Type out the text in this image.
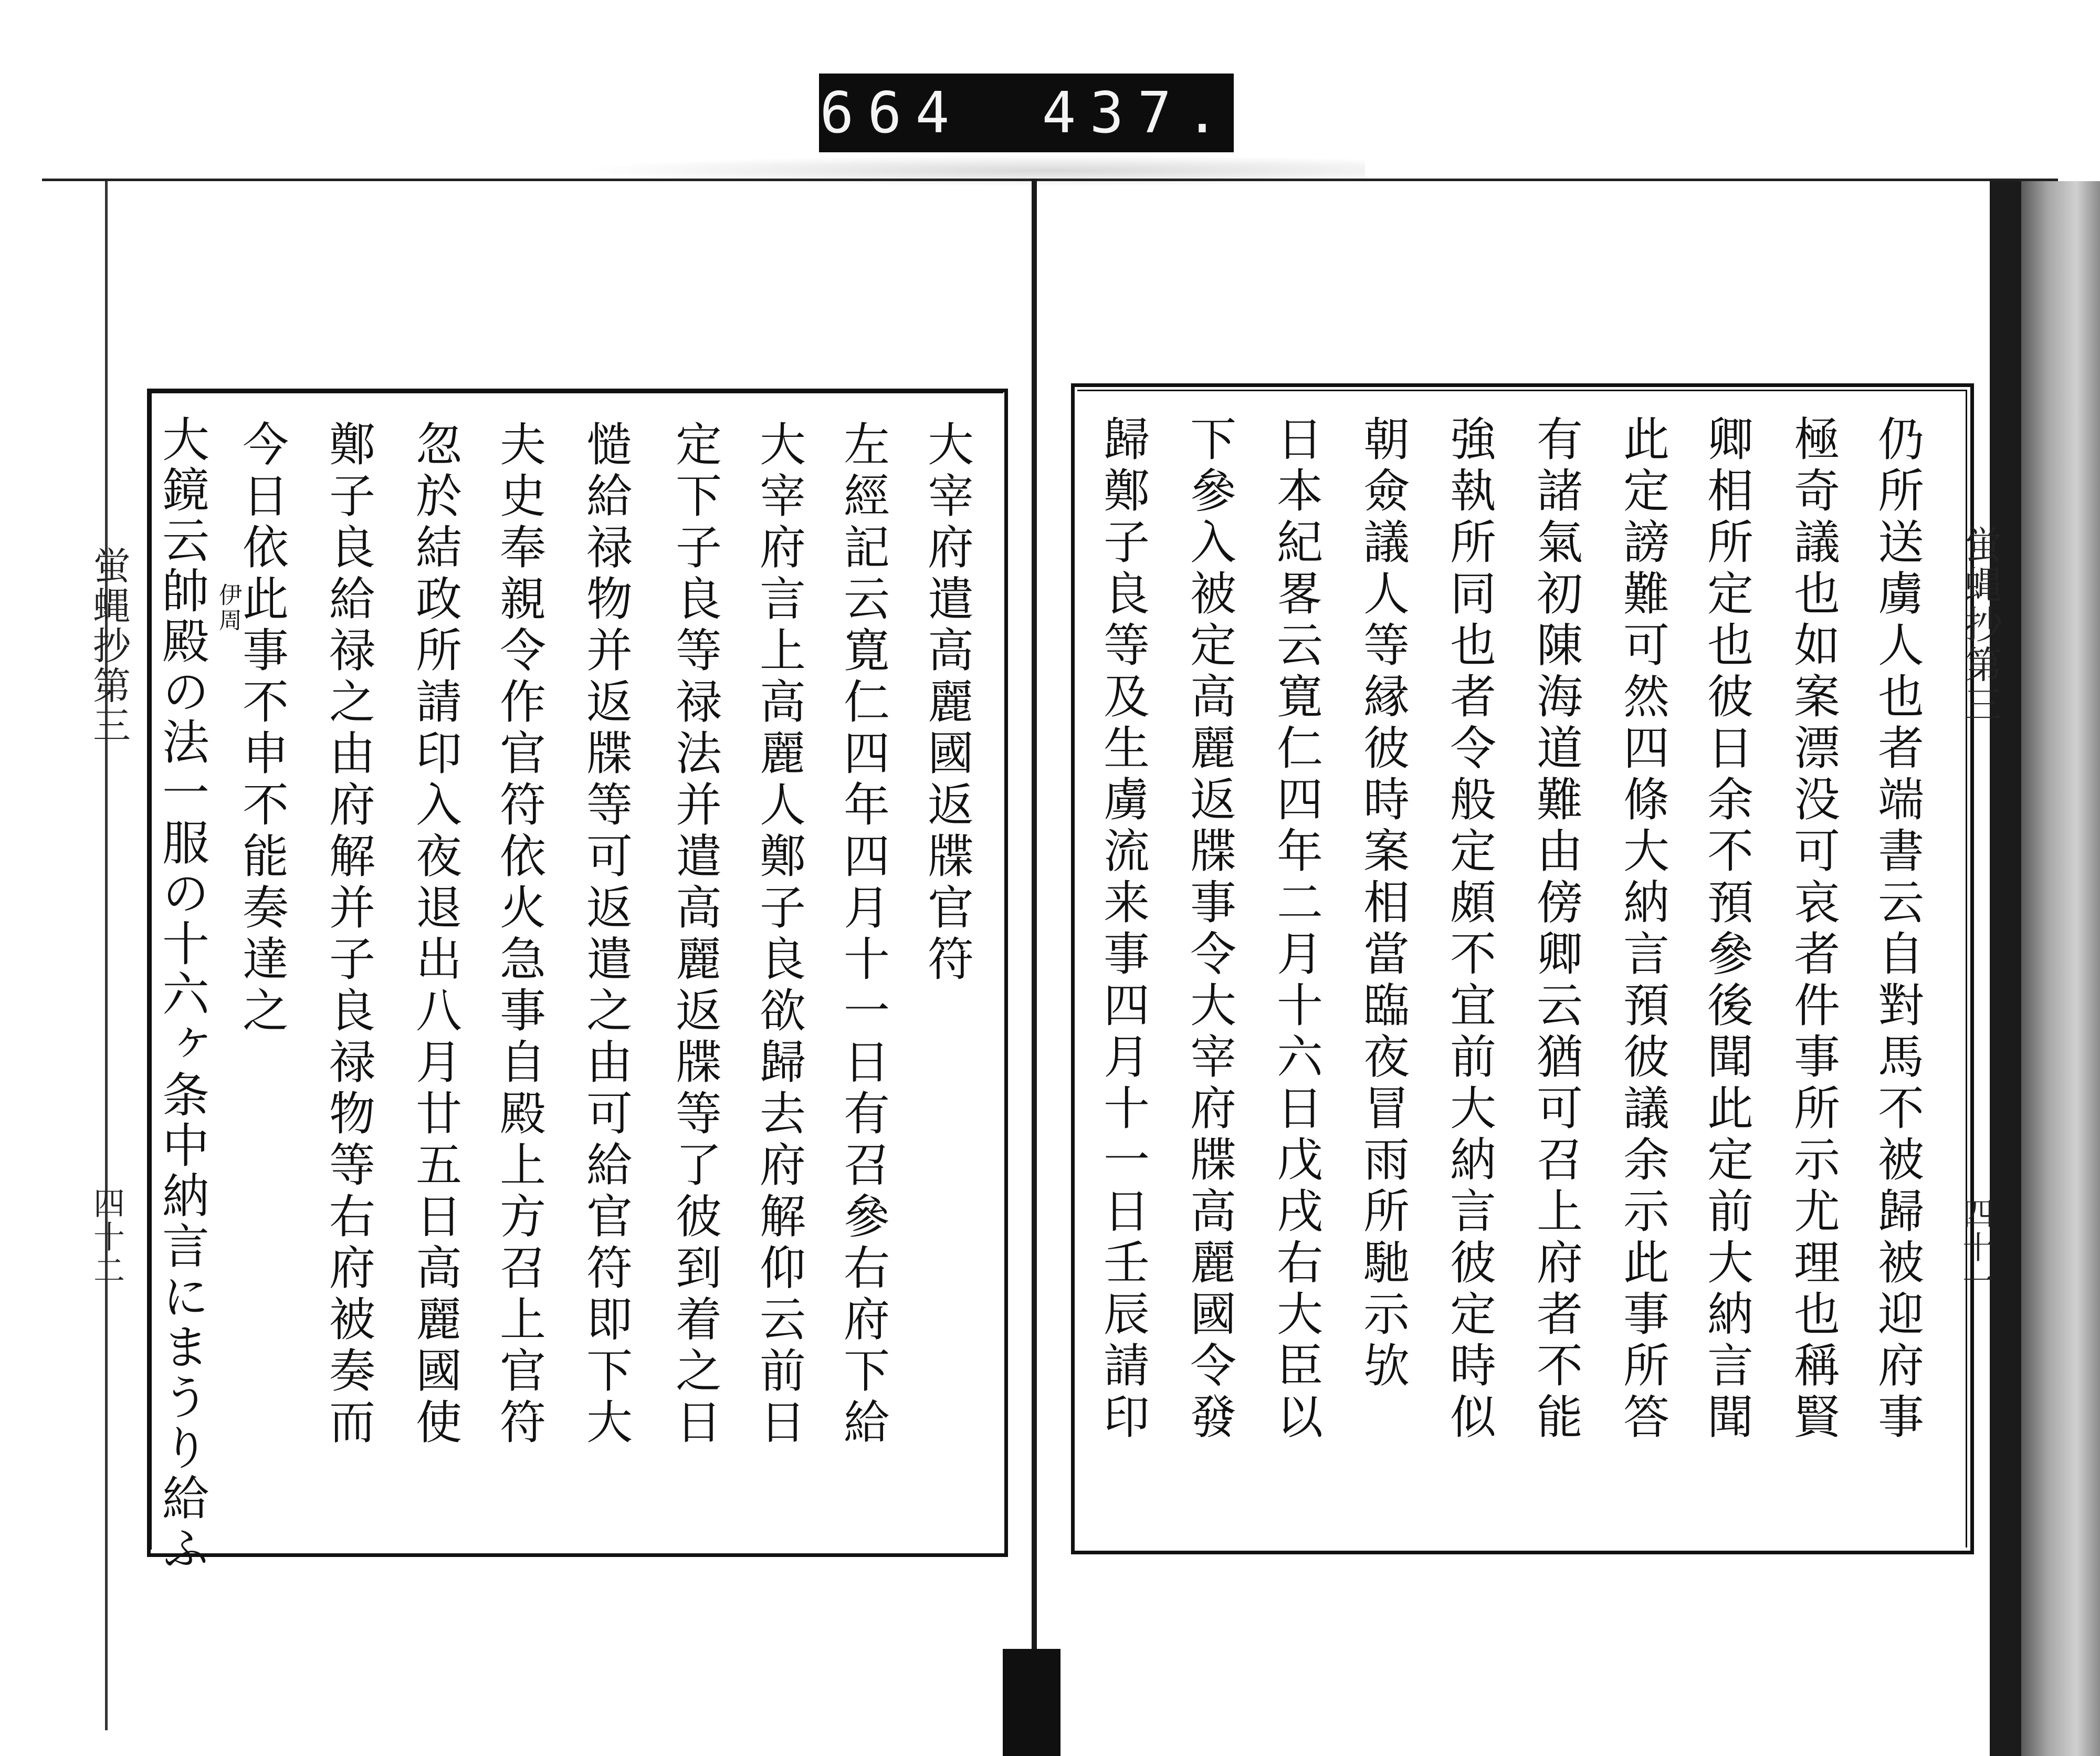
664 437.
蛍蝿抄第三
四十二
大宰府遣高麗國返牒官符
左經記云寛仁四年四月十一日有召參右府下給
大宰府言上高麗人鄭子良欲歸去府解仰云前日
定下子良等禄法并遣高麗返牒等了彼到着之日
慥給禄物并返牒等可返遣之由可給官符即下大
夫史奉親令作官符依火急事自殿上方召上官符
忽於結政所請印入夜退出八月廿五日高麗國使
鄭子良給禄之由府解并子良禄物等右府被奏而
今日依此事不申不能奏達之
伊周
大鏡云帥殿の法一服の十六ヶ条中納言にまうり給ふ	蛍蝿抄第三
四十一
仍所送虜人也者端書云自對馬不被歸被迎府事
極奇議也如案漂没可哀者件事所示尤理也稱賢
卿相所定也彼日余不預參後聞此定前大納言聞
此定謗難可然四條大納言預彼議余示此事所答
有諸氣初陳海道難由傍卿云猶可召上府者不能
強執所同也者令般定頗不宜前大納言彼定時似
朝僉議人等縁彼時案相當臨夜冒雨所馳示欤
日本紀畧云寛仁四年二月十六日戊戌右大臣以
下參入被定高麗返牒事令大宰府牒高麗國令發
歸鄭子良等及生虜流来事四月十一日壬辰請印
